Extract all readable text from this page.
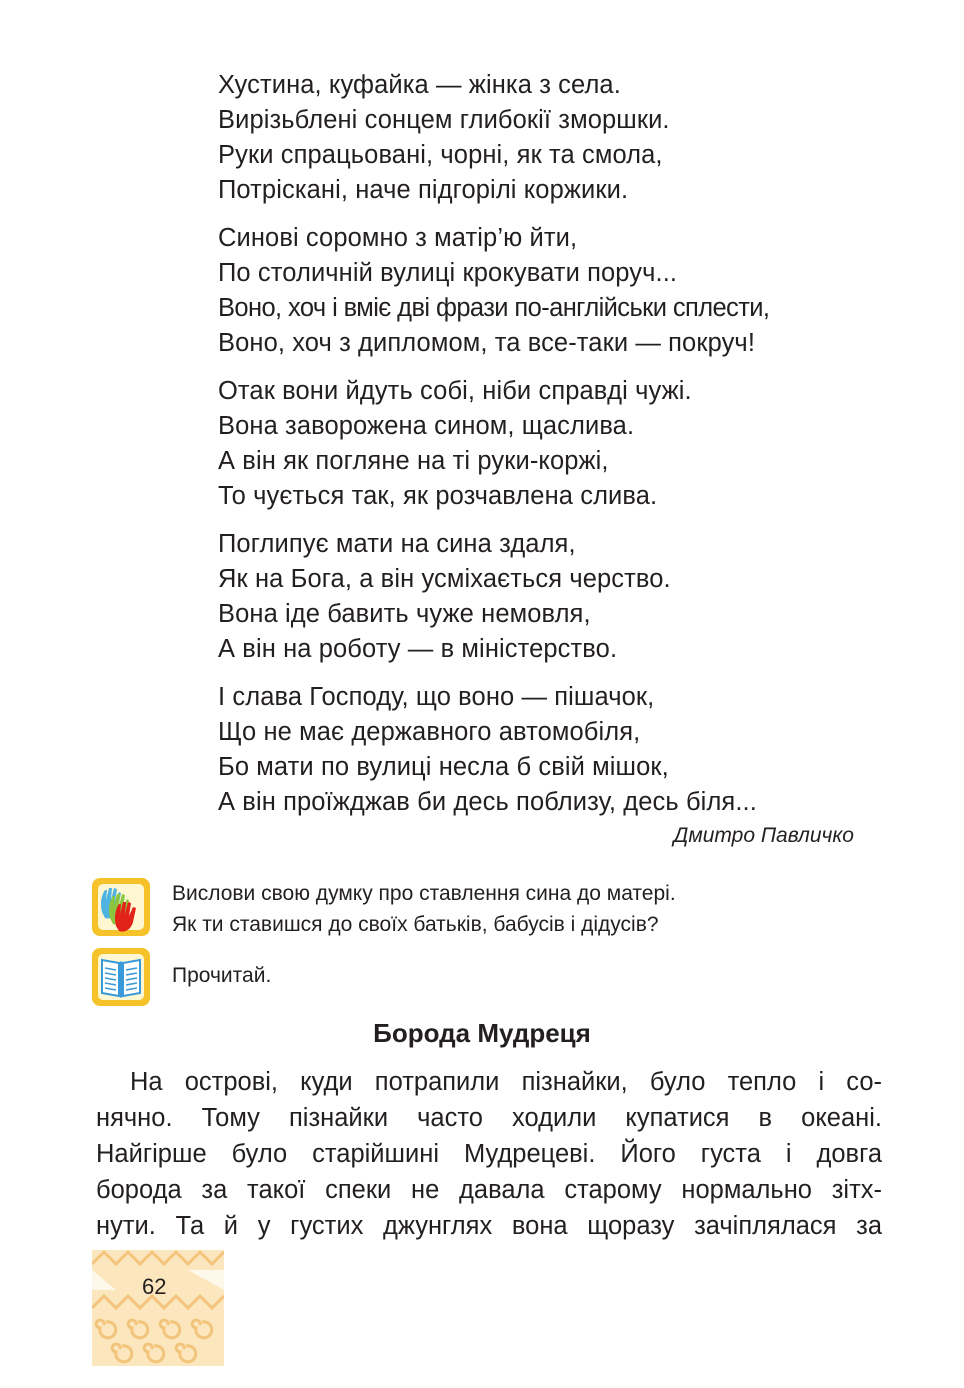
Хустина, куфайка — жінка з села.
Вирізьблені сонцем глибокії зморшки.
Руки спрацьовані, чорні, як та смола,
Потріскані, наче підгорілі коржики.
Синові соромно з матір’ю йти,
По столичній вулиці крокувати поруч...
Воно, хоч і вміє дві фрази по-англійськи сплести,
Воно, хоч з дипломом, та все-таки — покруч!
Отак вони йдуть собі, ніби справді чужі.
Вона заворожена сином, щаслива.
А він як погляне на ті руки-коржі,
То чується так, як розчавлена слива.
Поглипує мати на сина здаля,
Як на Бога, а він усміхається черство.
Вона іде бавить чуже немовля,
А він на роботу — в міністерство.
І слава Господу, що воно — пішачок,
Що не має державного автомобіля,
Бо мати по вулиці несла б свій мішок,
А він проїжджав би десь поблизу, десь біля...
Дмитро Павличко
Вислови свою думку про ставлення сина до матері.
Як ти ставишся до своїх батьків, бабусів і дідусів?
Прочитай.
Борода Мудреця
На острові, куди потрапили пізнайки, було тепло і со-
нячно. Тому пізнайки часто ходили купатися в океані.
Найгірше було старійшині Мудрецеві. Його густа і довга
борода за такої спеки не давала старому нормально зітх-
нути. Та й у густих джунглях вона щоразу зачіплялася за
62
